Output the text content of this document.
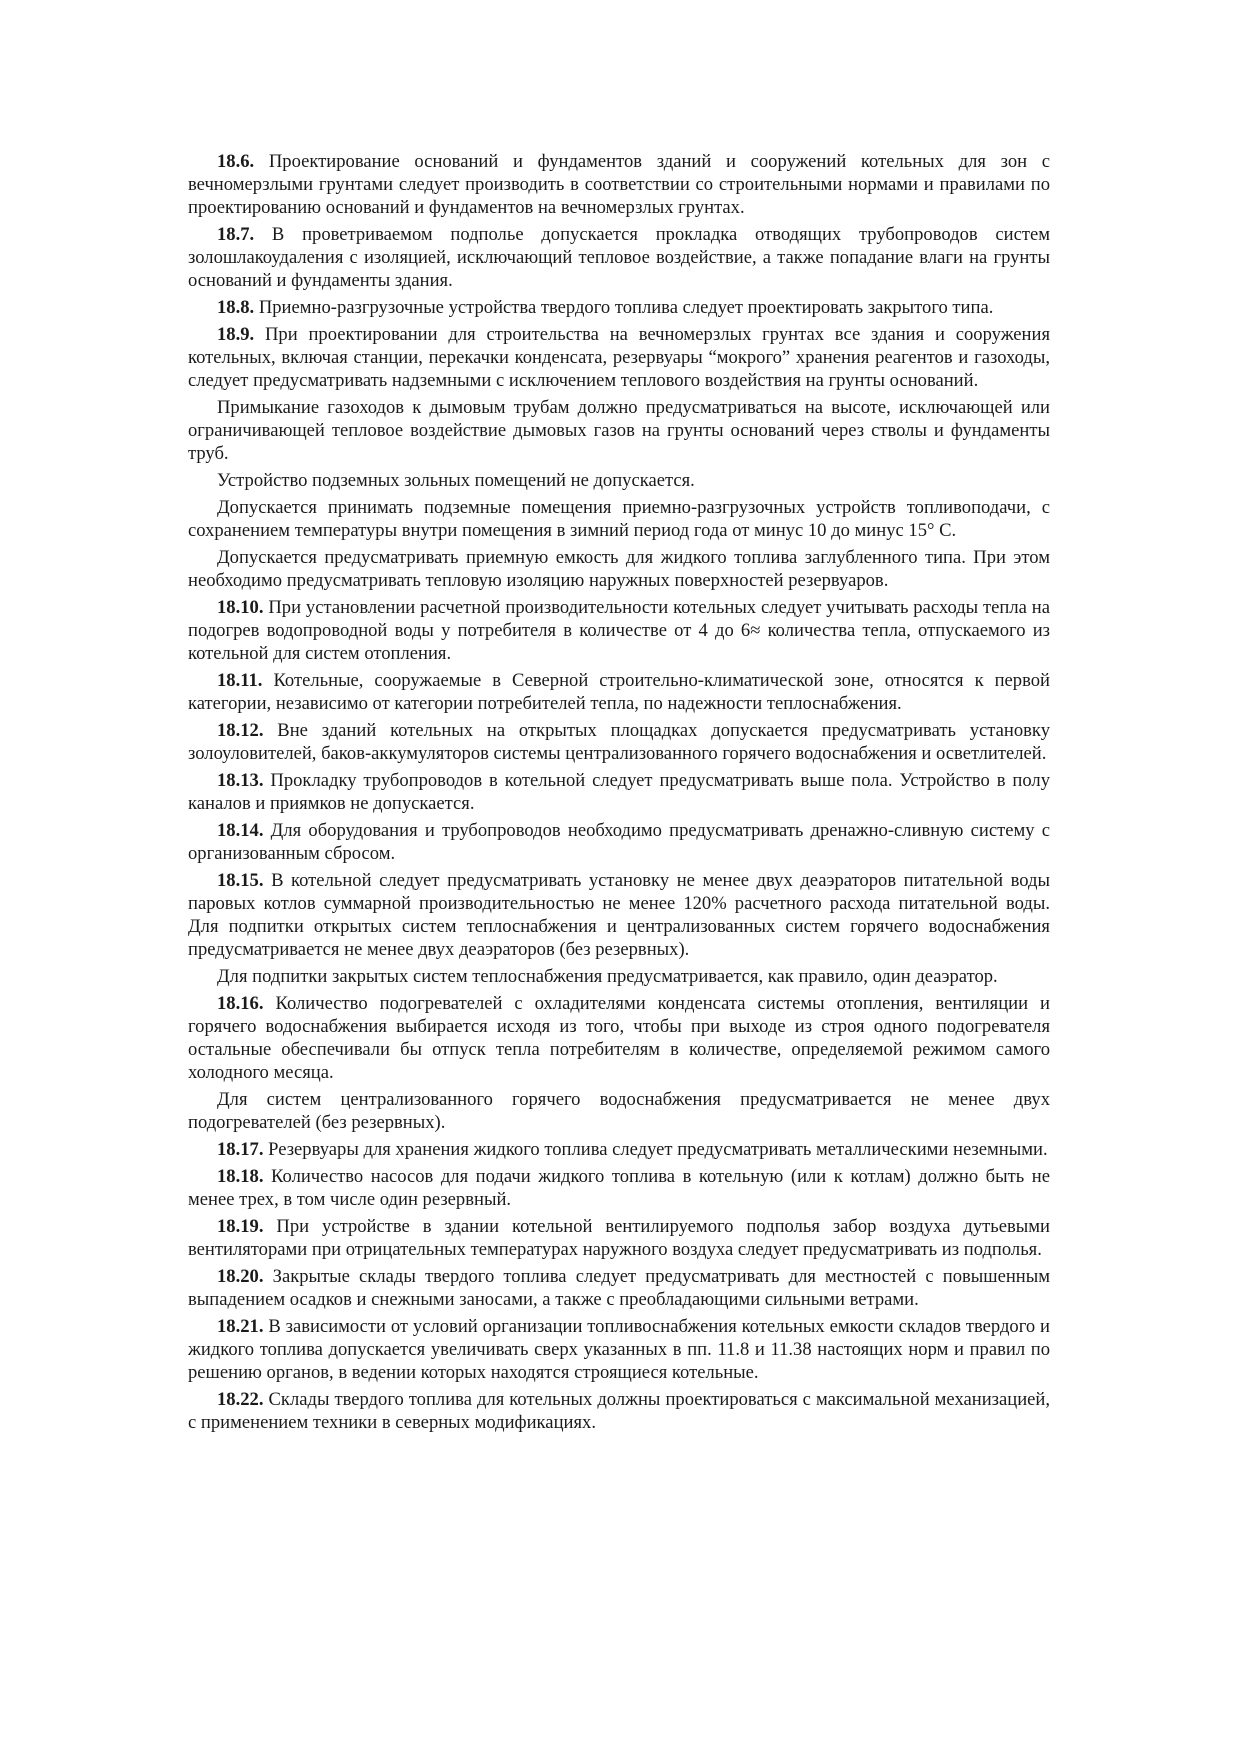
18.6. Проектирование оснований и фундаментов зданий и сооружений котельных для зон с вечномерзлыми грунтами следует производить в соответствии со строительными нормами и правилами по проектированию оснований и фундаментов на вечномерзлых грунтах.

18.7. В проветриваемом подполье допускается прокладка отводящих трубопроводов систем золошлакоудаления с изоляцией, исключающий тепловое воздействие, а также попадание влаги на грунты оснований и фундаменты здания.

18.8. Приемно-разгрузочные устройства твердого топлива следует проектировать закрытого типа.

18.9. При проектировании для строительства на вечномерзлых грунтах все здания и сооружения котельных, включая станции, перекачки конденсата, резервуары “мокрого” хранения реагентов и газоходы, следует предусматривать надземными с исключением теплового воздействия на грунты оснований.

Примыкание газоходов к дымовым трубам должно предусматриваться на высоте, исключающей или ограничивающей тепловое воздействие дымовых газов на грунты оснований через стволы и фундаменты труб.

Устройство подземных зольных помещений не допускается.

Допускается принимать подземные помещения приемно-разгрузочных устройств топливоподачи, с сохранением температуры внутри помещения в зимний период года от минус 10 до минус 15° С.

Допускается предусматривать приемную емкость для жидкого топлива заглубленного типа. При этом необходимо предусматривать тепловую изоляцию наружных поверхностей резервуаров.

18.10. При установлении расчетной производительности котельных следует учитывать расходы тепла на подогрев водопроводной воды у потребителя в количестве от 4 до 6≈ количества тепла, отпускаемого из котельной для систем отопления.

18.11. Котельные, сооружаемые в Северной строительно-климатической зоне, относятся к первой категории, независимо от категории потребителей тепла, по надежности теплоснабжения.

18.12. Вне зданий котельных на открытых площадках допускается предусматривать установку золоуловителей, баков-аккумуляторов системы централизованного горячего водоснабжения и осветлителей.

18.13. Прокладку трубопроводов в котельной следует предусматривать выше пола. Устройство в полу каналов и приямков не допускается.

18.14. Для оборудования и трубопроводов необходимо предусматривать дренажно-сливную систему с организованным сбросом.

18.15. В котельной следует предусматривать установку не менее двух деаэраторов питательной воды паровых котлов суммарной производительностью не менее 120% расчетного расхода питательной воды. Для подпитки открытых систем теплоснабжения и централизованных систем горячего водоснабжения предусматривается не менее двух деаэраторов (без резервных).

Для подпитки закрытых систем теплоснабжения предусматривается, как правило, один деаэратор.

18.16. Количество подогревателей с охладителями конденсата системы отопления, вентиляции и горячего водоснабжения выбирается исходя из того, чтобы при выходе из строя одного подогревателя остальные обеспечивали бы отпуск тепла потребителям в количестве, определяемой режимом самого холодного месяца.

Для систем централизованного горячего водоснабжения предусматривается не менее двух подогревателей (без резервных).

18.17. Резервуары для хранения жидкого топлива следует предусматривать металлическими неземными.

18.18. Количество насосов для подачи жидкого топлива в котельную (или к котлам) должно быть не менее трех, в том числе один резервный.

18.19. При устройстве в здании котельной вентилируемого подполья забор воздуха дутьевыми вентиляторами при отрицательных температурах наружного воздуха следует предусматривать из подполья.

18.20. Закрытые склады твердого топлива следует предусматривать для местностей с повышенным выпадением осадков и снежными заносами, а также с преобладающими сильными ветрами.

18.21. В зависимости от условий организации топливоснабжения котельных емкости складов твердого и жидкого топлива допускается увеличивать сверх указанных в пп. 11.8 и 11.38 настоящих норм и правил по решению органов, в ведении которых находятся строящиеся котельные.

18.22. Склады твердого топлива для котельных должны проектироваться с максимальной механизацией, с применением техники в северных модификациях.
